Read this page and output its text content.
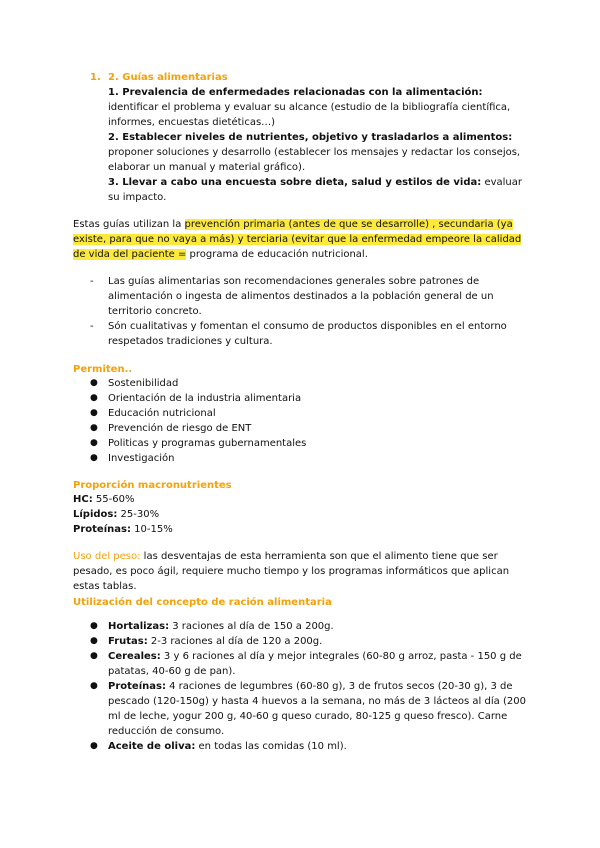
1. 2. Guías alimentarias
1. Prevalencia de enfermedades relacionadas con la alimentación: identificar el problema y evaluar su alcance (estudio de la bibliografía científica, informes, encuestas dietéticas…)
2. Establecer niveles de nutrientes, objetivo y trasladarlos a alimentos: proponer soluciones y desarrollo (establecer los mensajes y redactar los consejos, elaborar un manual y material gráfico).
3. Llevar a cabo una encuesta sobre dieta, salud y estilos de vida: evaluar su impacto.
Estas guías utilizan la prevención primaria (antes de que se desarrolle) , secundaria (ya existe, para que no vaya a más) y terciaria (evitar que la enfermedad empeore la calidad de vida del paciente = programa de educación nutricional.
- Las guías alimentarias son recomendaciones generales sobre patrones de alimentación o ingesta de alimentos destinados a la población general de un territorio concreto.
- Són cualitativas y fomentan el consumo de productos disponibles en el entorno respetados tradiciones y cultura.
Permiten..
● Sostenibilidad
● Orientación de la industria alimentaria
● Educación nutricional
● Prevención de riesgo de ENT
● Politicas y programas gubernamentales
● Investigación
Proporción macronutrientes
HC: 55-60%
Lípidos: 25-30%
Proteínas: 10-15%
Uso del peso: las desventajas de esta herramienta son que el alimento tiene que ser pesado, es poco ágil, requiere mucho tiempo y los programas informáticos que aplican estas tablas.
Utilización del concepto de ración alimentaria
● Hortalizas: 3 raciones al día de 150 a 200g.
● Frutas: 2-3 raciones al día de 120 a 200g.
● Cereales: 3 y 6 raciones al día y mejor integrales (60-80 g arroz, pasta - 150 g de patatas, 40-60 g de pan).
● Proteínas: 4 raciones de legumbres (60-80 g), 3 de frutos secos (20-30 g), 3 de pescado (120-150g) y hasta 4 huevos a la semana, no más de 3 lácteos al día (200 ml de leche, yogur 200 g, 40-60 g queso curado, 80-125 g queso fresco). Carne reducción de consumo.
● Aceite de oliva: en todas las comidas (10 ml).
